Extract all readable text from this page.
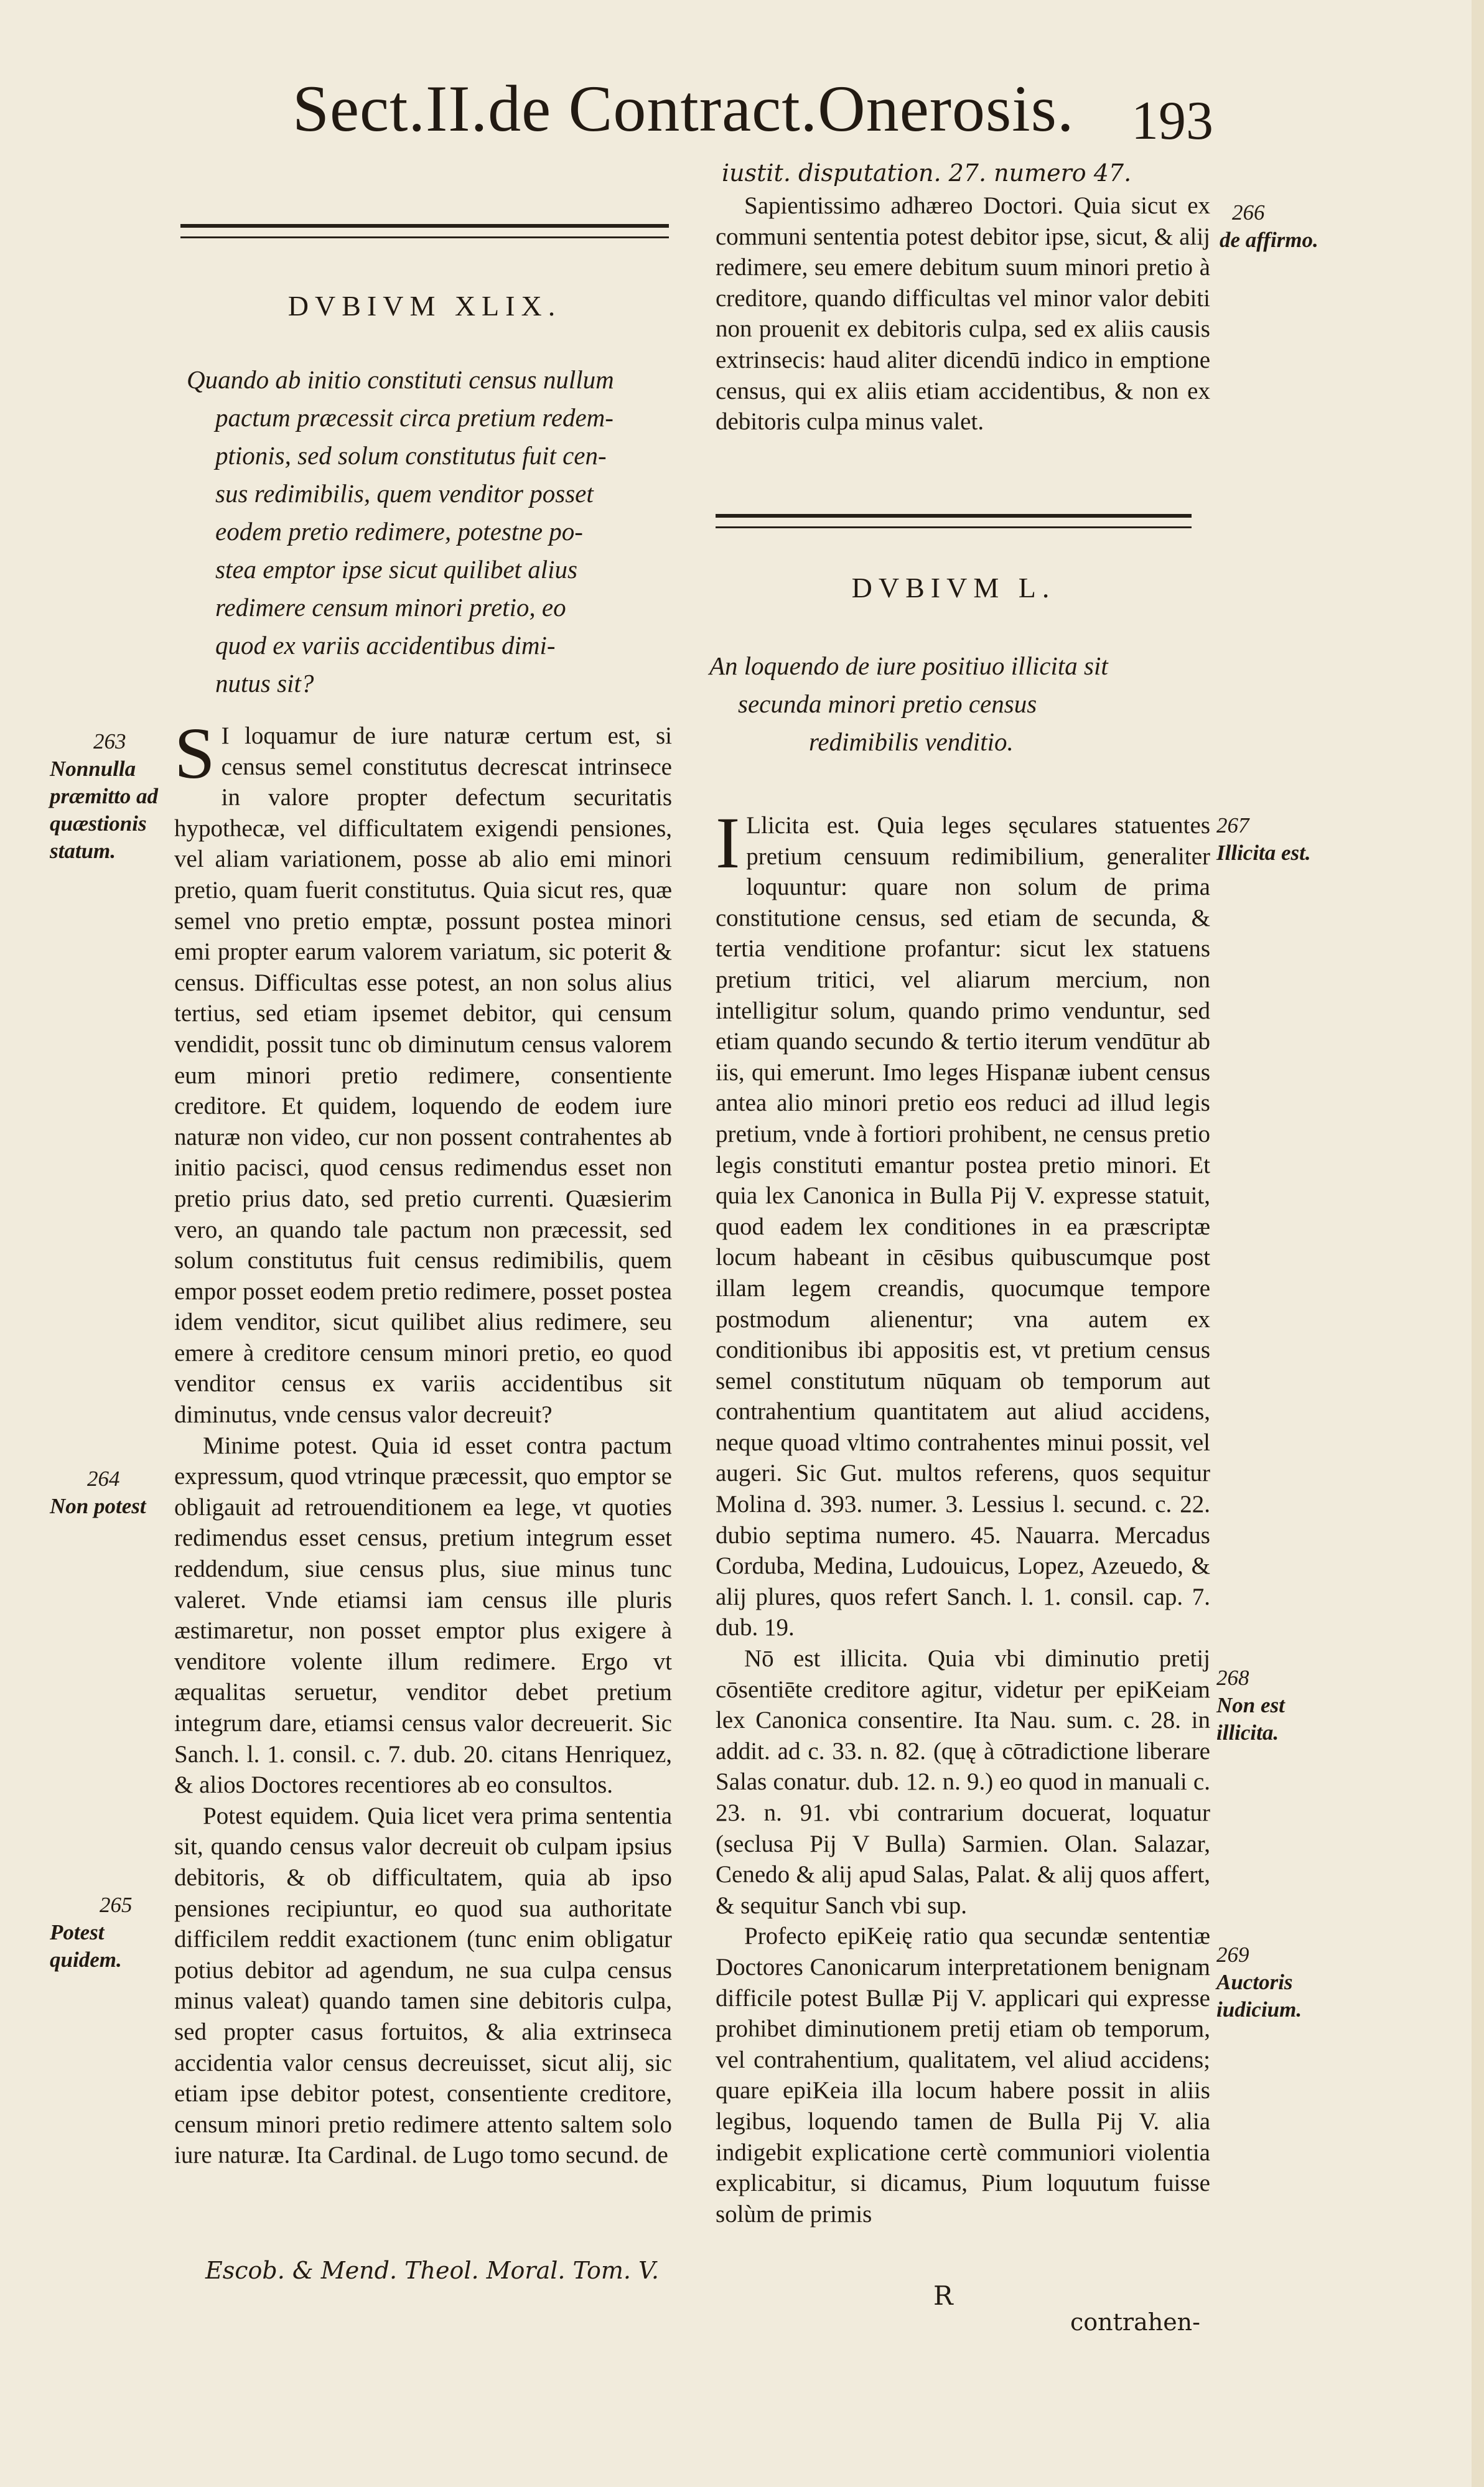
Sect.II.de Contract.Onerosis.	193
DVBIVM XLIX.
Quando ab initio constituti census nullum
pactum præcessit circa pretium redem-
ptionis, sed solum constitutus fuit cen-
sus redimibilis, quem venditor posset
eodem pretio redimere, potestne po-
stea emptor ipse sicut quilibet alius
redimere censum minori pretio, eo
quod ex variis accidentibus dimi-
nutus sit?

S I loquamur de iure naturæ certum est, si census semel constitutus decrescat intrinsece in valore propter defectum securitatis hypothecæ, vel difficultatem exigendi pensiones, vel aliam variationem, posse ab alio emi minori pretio, quam fuerit constitutus. Quia sicut res, quæ semel vno pretio emptæ, possunt postea minori emi propter earum valorem variatum, sic poterit & census. Difficultas esse potest, an non solus alius tertius, sed etiam ipsemet debitor, qui censum vendidit, possit tunc ob diminutum census valorem eum minori pretio redimere, consentiente creditore. Et quidem, loquendo de eodem iure naturæ non video, cur non possent contrahentes ab initio pacisci, quod census redimendus esset non pretio prius dato, sed pretio currenti. Quæsierim vero, an quando tale pactum non præcessit, sed solum constitutus fuit census redimibilis, quem empor posset eodem pretio redimere, posset postea idem venditor, sicut quilibet alius redimere, seu emere à creditore censum minori pretio, eo quod venditor census ex variis accidentibus sit diminutus, vnde census valor decreuit?

Minime potest. Quia id esset contra pactum expressum, quod vtrinque præcessit, quo emptor se obligauit ad retrouenditionem ea lege, vt quoties redimendus esset census, pretium integrum esset reddendum, siue census plus, siue minus tunc valeret. Vnde etiamsi iam census ille pluris æstimaretur, non posset emptor plus exigere à venditore volente illum redimere. Ergo vt æqualitas seruetur, venditor debet pretium integrum dare, etiamsi census valor decreuerit. Sic Sanch. l. 1. consil. c. 7. dub. 20. citans Henriquez, & alios Doctores recentiores ab eo consultos.

Potest equidem. Quia licet vera prima sententia sit, quando census valor decreuit ob culpam ipsius debitoris, & ob difficultatem, quia ab ipso pensiones recipiuntur, eo quod sua authoritate difficilem reddit exactionem (tunc enim obligatur potius debitor ad agendum, ne sua culpa census minus valeat) quando tamen sine debitoris culpa, sed propter casus fortuitos, & alia extrinseca accidentia valor census decreuisset, sicut alij, sic etiam ipse debitor potest, consentiente creditore, censum minori pretio redimere attento saltem solo iure naturæ. Ita Cardinal. de Lugo tomo secund. de

263
Nonnulla præmitto ad quæstionis statum.
264
Non potest
265
Potest quidem.
Escob. & Mend. Theol. Moral. Tom. V.
iustit. disputation. 27. numero 47.

Sapientissimo adhæreo Doctori. Quia sicut ex communi sententia potest debitor ipse, sicut, & alij redimere, seu emere debitum suum minori pretio à creditore, quando difficultas vel minor valor debiti non prouenit ex debitoris culpa, sed ex aliis causis extrinsecis: haud aliter dicendū indico in emptione census, qui ex aliis etiam accidentibus, & non ex debitoris culpa minus valet.

DVBIVM L.
An loquendo de iure positiuo illicita sit
secunda minori pretio census
redimibilis venditio.

I Llicita est. Quia leges sęculares statuentes pretium censuum redimibilium, generaliter loquuntur: quare non solum de prima constitutione census, sed etiam de secunda, & tertia venditione profantur: sicut lex statuens pretium tritici, vel aliarum mercium, non intelligitur solum, quando primo venduntur, sed etiam quando secundo & tertio iterum vendūtur ab iis, qui emerunt. Imo leges Hispanæ iubent census antea alio minori pretio eos reduci ad illud legis pretium, vnde à fortiori prohibent, ne census pretio legis constituti emantur postea pretio minori. Et quia lex Canonica in Bulla Pij V. expresse statuit, quod eadem lex conditiones in ea præscriptæ locum habeant in cēsibus quibuscumque post illam legem creandis, quocumque tempore postmodum alienentur; vna autem ex conditionibus ibi appositis est, vt pretium census semel constitutum nūquam ob temporum aut contrahentium quantitatem aut aliud accidens, neque quoad vltimo contrahentes minui possit, vel augeri. Sic Gut. multos referens, quos sequitur Molina d. 393. numer. 3. Lessius l. secund. c. 22. dubio septima numero. 45. Nauarra. Mercadus Corduba, Medina, Ludouicus, Lopez, Azeuedo, & alij plures, quos refert Sanch. l. 1. consil. cap. 7. dub. 19.

Nō est illicita. Quia vbi diminutio pretij cōsentiēte creditore agitur, videtur per epiKeiam lex Canonica consentire. Ita Nau. sum. c. 28. in addit. ad c. 33. n. 82. (quę à cōtradictione liberare Salas conatur. dub. 12. n. 9.) eo quod in manuali c. 23. n. 91. vbi contrarium docuerat, loquatur (seclusa Pij V Bulla) Sarmien. Olan. Salazar, Cenedo & alij apud Salas, Palat. & alij quos affert, & sequitur Sanch vbi sup.

Profecto epiKeię ratio qua secundæ sententiæ Doctores Canonicarum interpretationem benignam difficile potest Bullæ Pij V. applicari qui expresse prohibet diminutionem pretij etiam ob temporum, vel contrahentium, qualitatem, vel aliud accidens; quare epiKeia illa locum habere possit in aliis legibus, loquendo tamen de Bulla Pij V. alia indigebit explicatione certè communiori violentia explicabitur, si dicamus, Pium loquutum fuisse solùm de primis

266
de affirmo.
267
Illicita est.
268
Non est illicita.
269
Auctoris iudicium.
R
contrahen-
